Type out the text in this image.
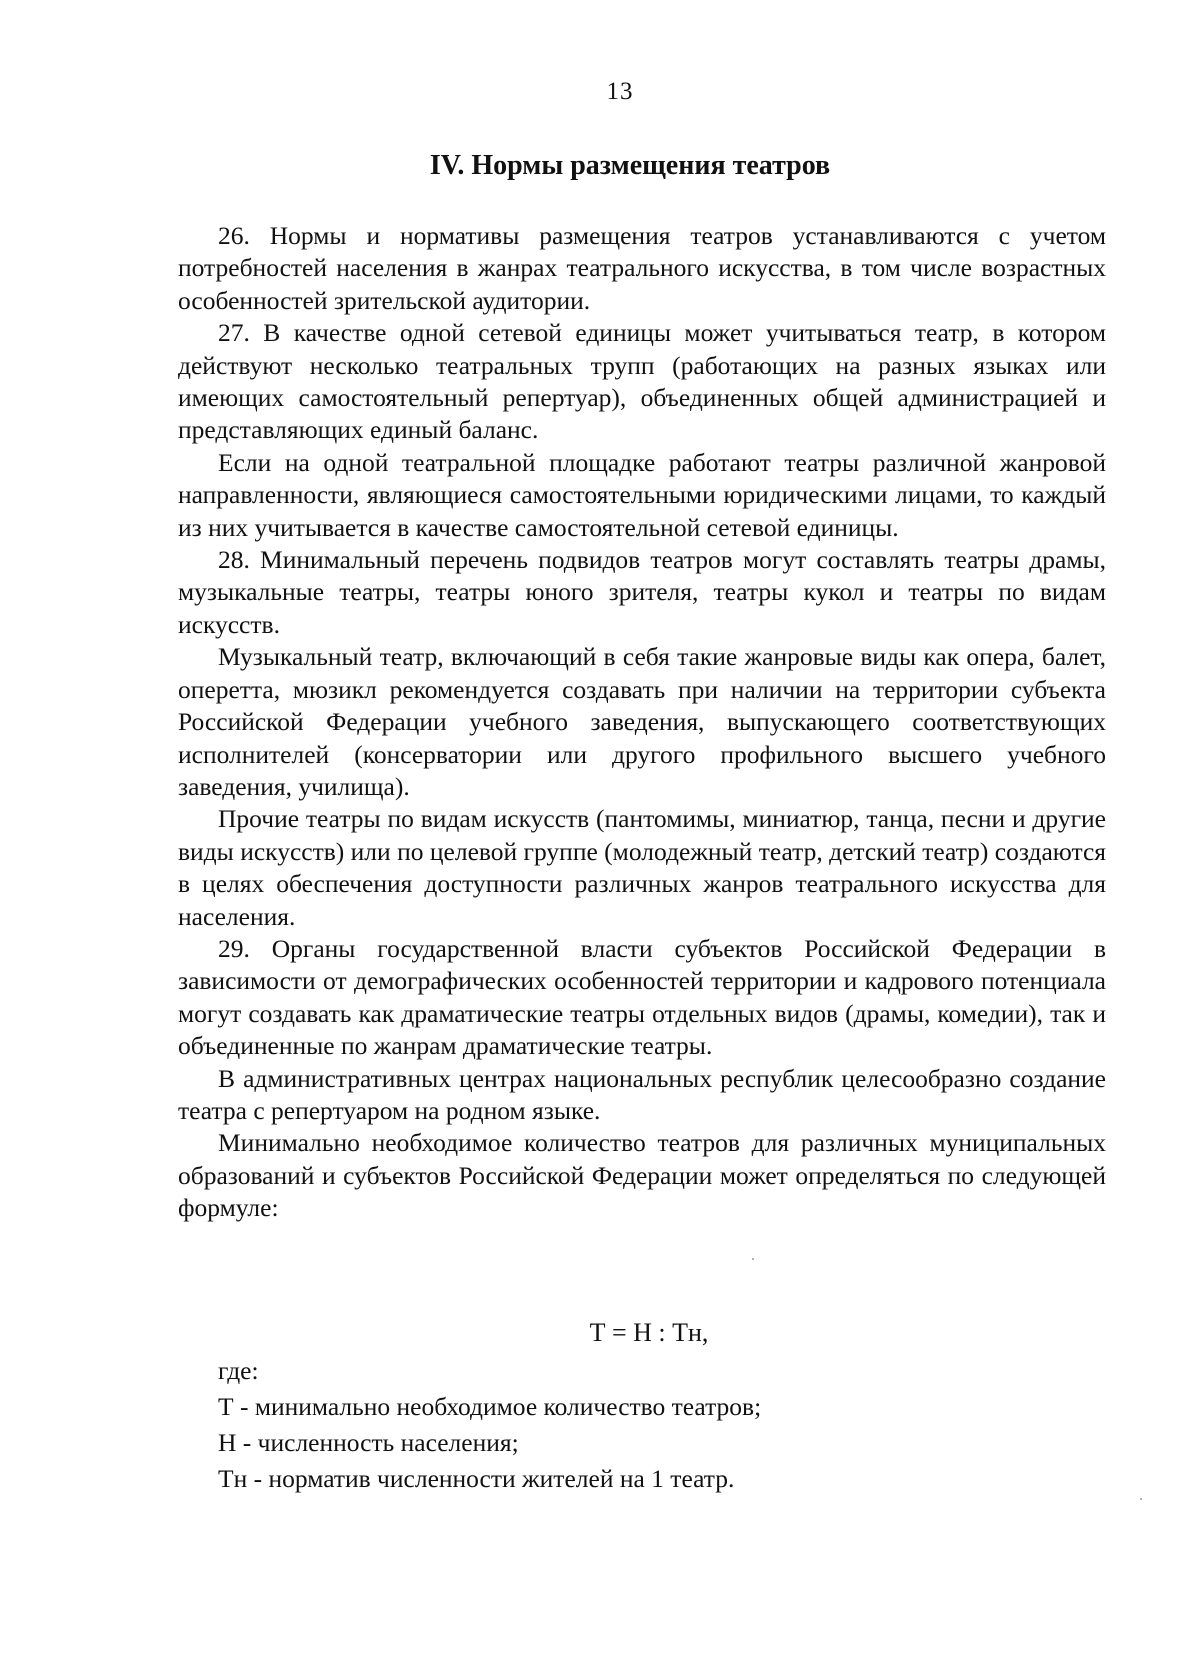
13
IV. Нормы размещения театров

26. Нормы и нормативы размещения театров устанавливаются с учетом потребностей населения в жанрах театрального искусства, в том числе возрастных особенностей зрительской аудитории.

27. В качестве одной сетевой единицы может учитываться театр, в котором действуют несколько театральных трупп (работающих на разных языках или имеющих самостоятельный репертуар), объединенных общей администрацией и представляющих единый баланс.

Если на одной театральной площадке работают театры различной жанровой направленности, являющиеся самостоятельными юридическими лицами, то каждый из них учитывается в качестве самостоятельной сетевой единицы.

28. Минимальный перечень подвидов театров могут составлять театры драмы, музыкальные театры, театры юного зрителя, театры кукол и театры по видам искусств.

Музыкальный театр, включающий в себя такие жанровые виды как опера, балет, оперетта, мюзикл рекомендуется создавать при наличии на территории субъекта Российской Федерации учебного заведения, выпускающего соответствующих исполнителей (консерватории или другого профильного высшего учебного заведения, училища).

Прочие театры по видам искусств (пантомимы, миниатюр, танца, песни и другие виды искусств) или по целевой группе (молодежный театр, детский театр) создаются в целях обеспечения доступности различных жанров театрального искусства для населения.

29. Органы государственной власти субъектов Российской Федерации в зависимости от демографических особенностей территории и кадрового потенциала могут создавать как драматические театры отдельных видов (драмы, комедии), так и объединенные по жанрам драматические театры.

В административных центрах национальных республик целесообразно создание театра с репертуаром на родном языке.

Минимально необходимое количество театров для различных муниципальных образований и субъектов Российской Федерации может определяться по следующей формуле:

Т = Н : Тн,
где:
Т - минимально необходимое количество театров;
Н - численность населения;
Тн - норматив численности жителей на 1 театр.
